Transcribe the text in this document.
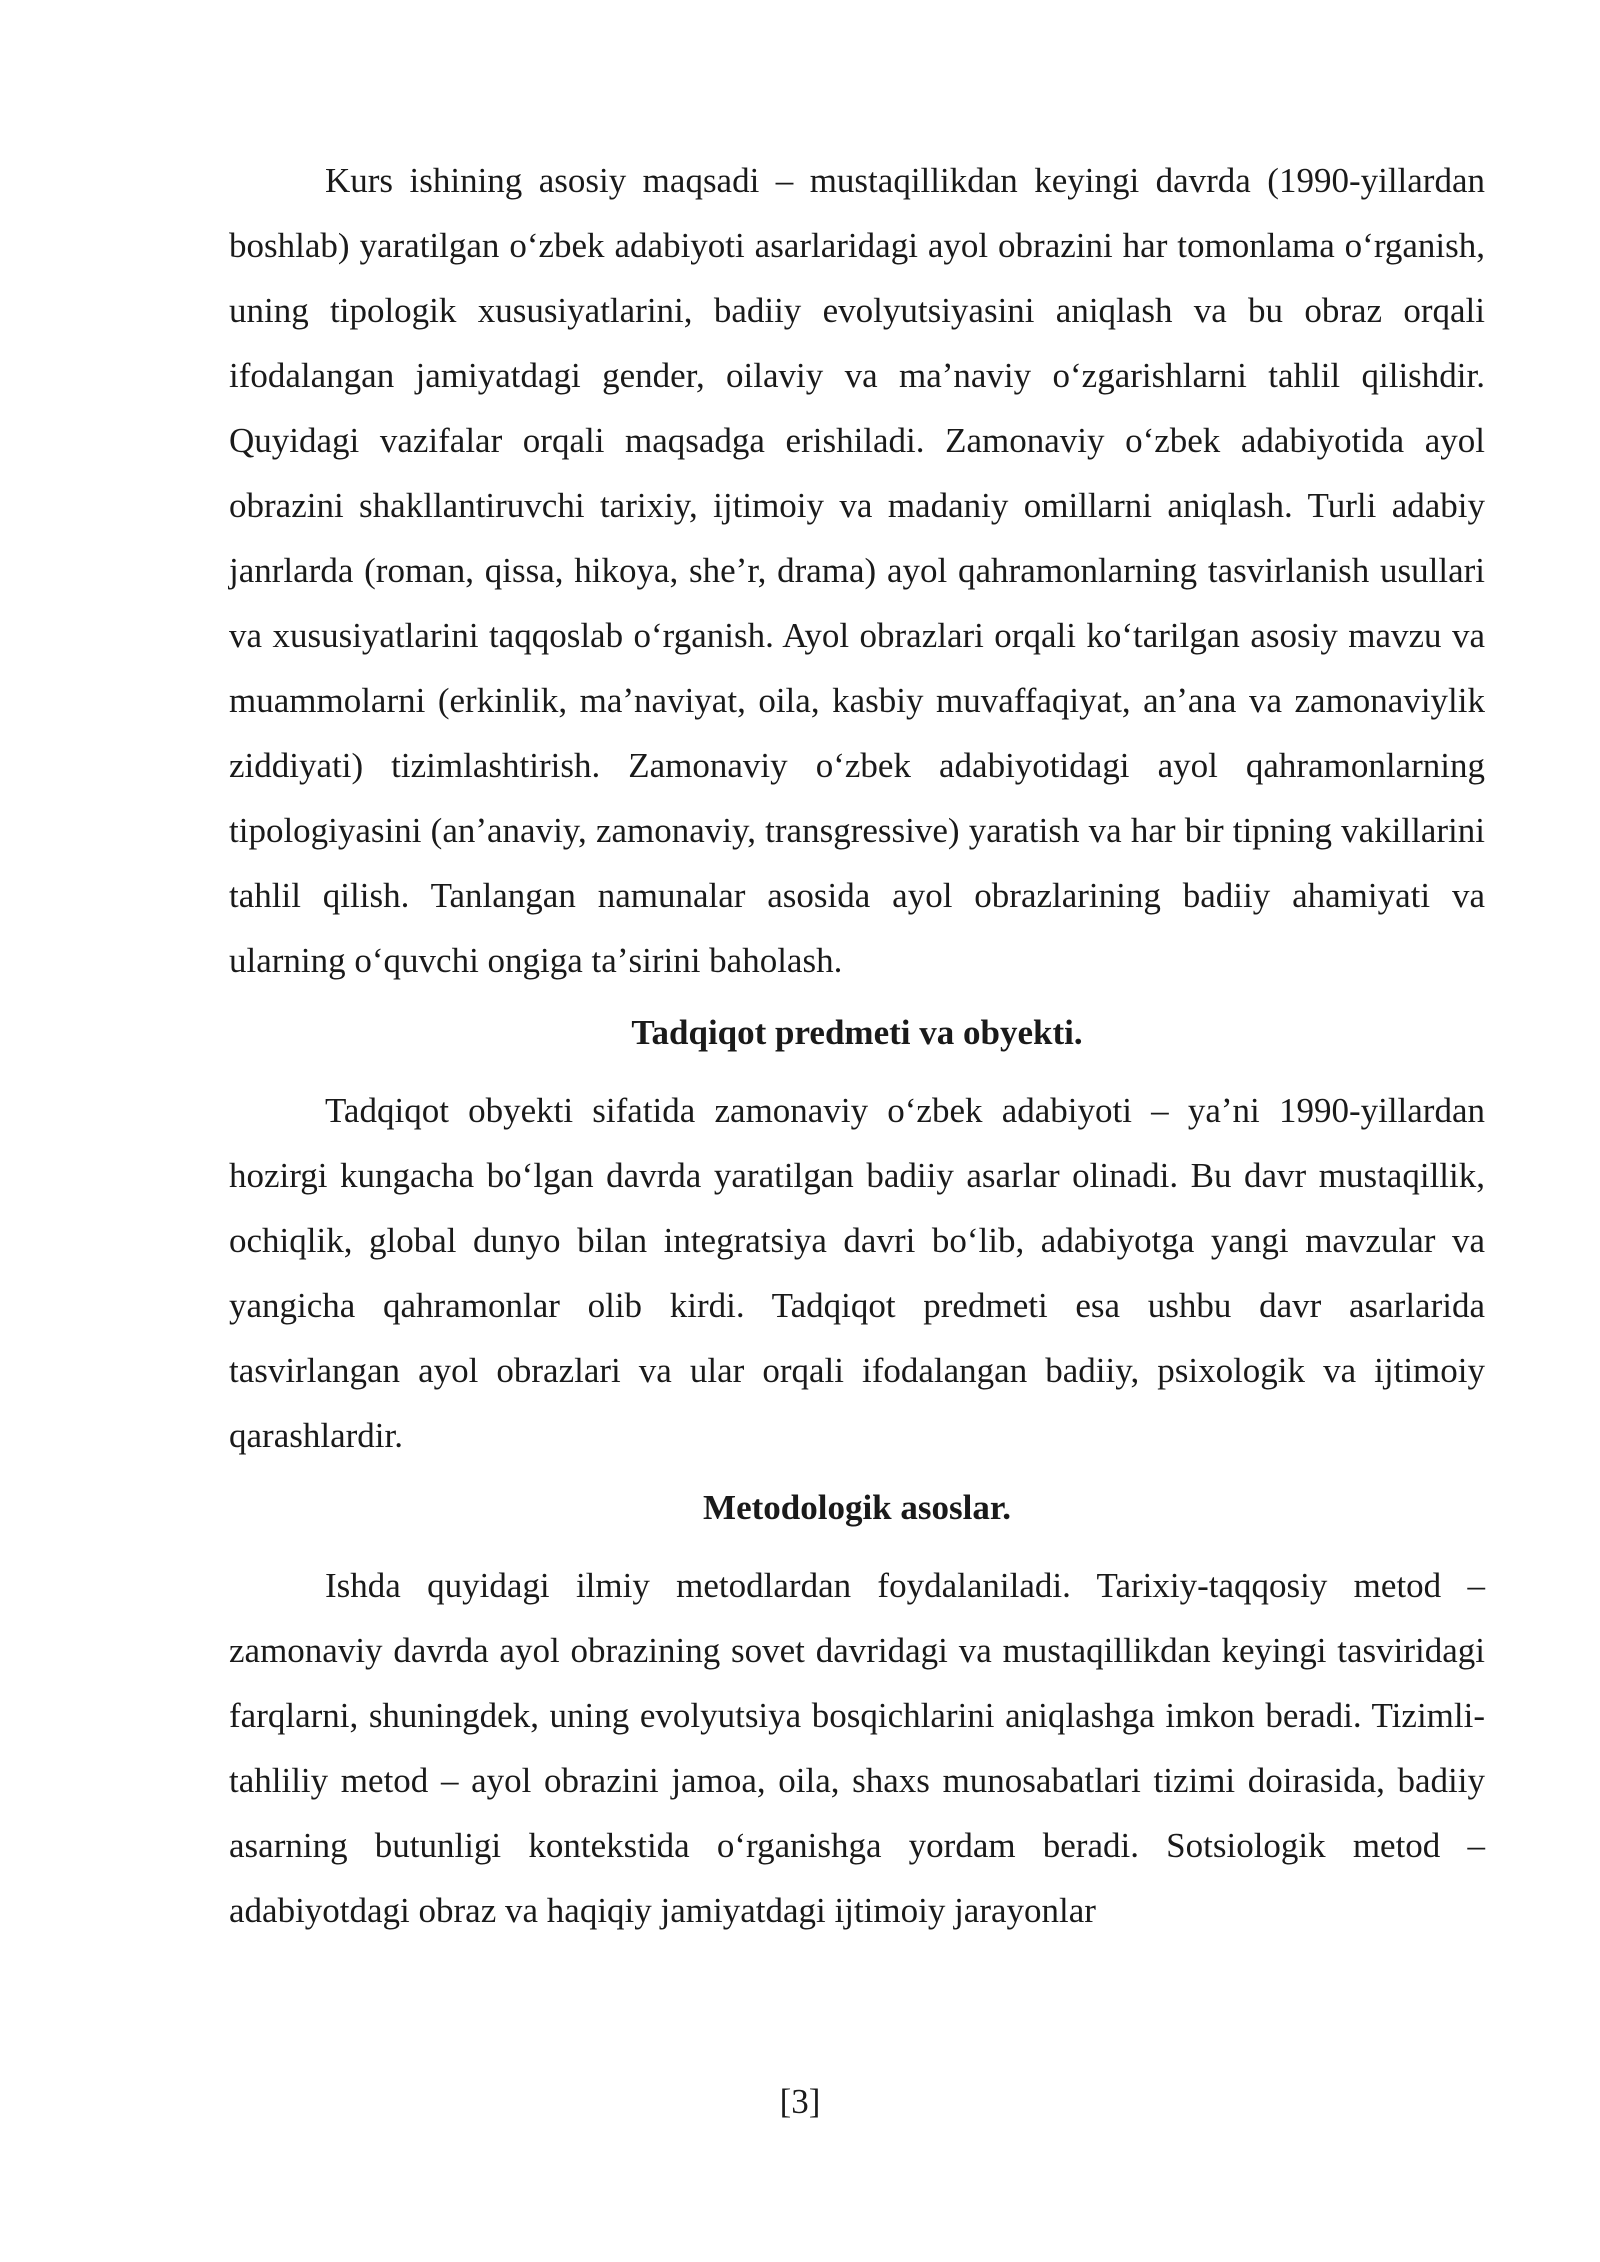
Kurs ishining asosiy maqsadi – mustaqillikdan keyingi davrda (1990-yillardan boshlab) yaratilgan oʻzbek adabiyoti asarlaridagi ayol obrazini har tomonlama oʻrganish, uning tipologik xususiyatlarini, badiiy evolyutsiyasini aniqlash va bu obraz orqali ifodalangan jamiyatdagi gender, oilaviy va maʼnaviy oʻzgarishlarni tahlil qilishdir. Quyidagi vazifalar orqali maqsadga erishiladi. Zamonaviy oʻzbek adabiyotida ayol obrazini shakllantiruvchi tarixiy, ijtimoiy va madaniy omillarni aniqlash. Turli adabiy janrlarda (roman, qissa, hikoya, sheʼr, drama) ayol qahramonlarning tasvirlanish usullari va xususiyatlarini taqqoslab oʻrganish. Ayol obrazlari orqali koʻtarilgan asosiy mavzu va muammolarni (erkinlik, maʼnaviyat, oila, kasbiy muvaffaqiyat, anʼana va zamonaviylik ziddiyati) tizimlashtirish. Zamonaviy oʻzbek adabiyotidagi ayol qahramonlarning tipologiyasini (anʼanaviy, zamonaviy, transgressive) yaratish va har bir tipning vakillarini tahlil qilish. Tanlangan namunalar asosida ayol obrazlarining badiiy ahamiyati va ularning oʻquvchi ongiga taʼsirini baholash.

Tadqiqot predmeti va obyekti.

Tadqiqot obyekti sifatida zamonaviy oʻzbek adabiyoti – yaʼni 1990-yillardan hozirgi kungacha boʻlgan davrda yaratilgan badiiy asarlar olinadi. Bu davr mustaqillik, ochiqlik, global dunyo bilan integratsiya davri boʻlib, adabiyotga yangi mavzular va yangicha qahramonlar olib kirdi. Tadqiqot predmeti esa ushbu davr asarlarida tasvirlangan ayol obrazlari va ular orqali ifodalangan badiiy, psixologik va ijtimoiy qarashlardir.

Metodologik asoslar.

Ishda quyidagi ilmiy metodlardan foydalaniladi. Tarixiy-taqqosiy metod – zamonaviy davrda ayol obrazining sovet davridagi va mustaqillikdan keyingi tasviridagi farqlarni, shuningdek, uning evolyutsiya bosqichlarini aniqlashga imkon beradi. Tizimli-tahliliy metod – ayol obrazini jamoa, oila, shaxs munosabatlari tizimi doirasida, badiiy asarning butunligi kontekstida oʻrganishga yordam beradi. Sotsiologik metod – adabiyotdagi obraz va haqiqiy jamiyatdagi ijtimoiy jarayonlar

[3]
